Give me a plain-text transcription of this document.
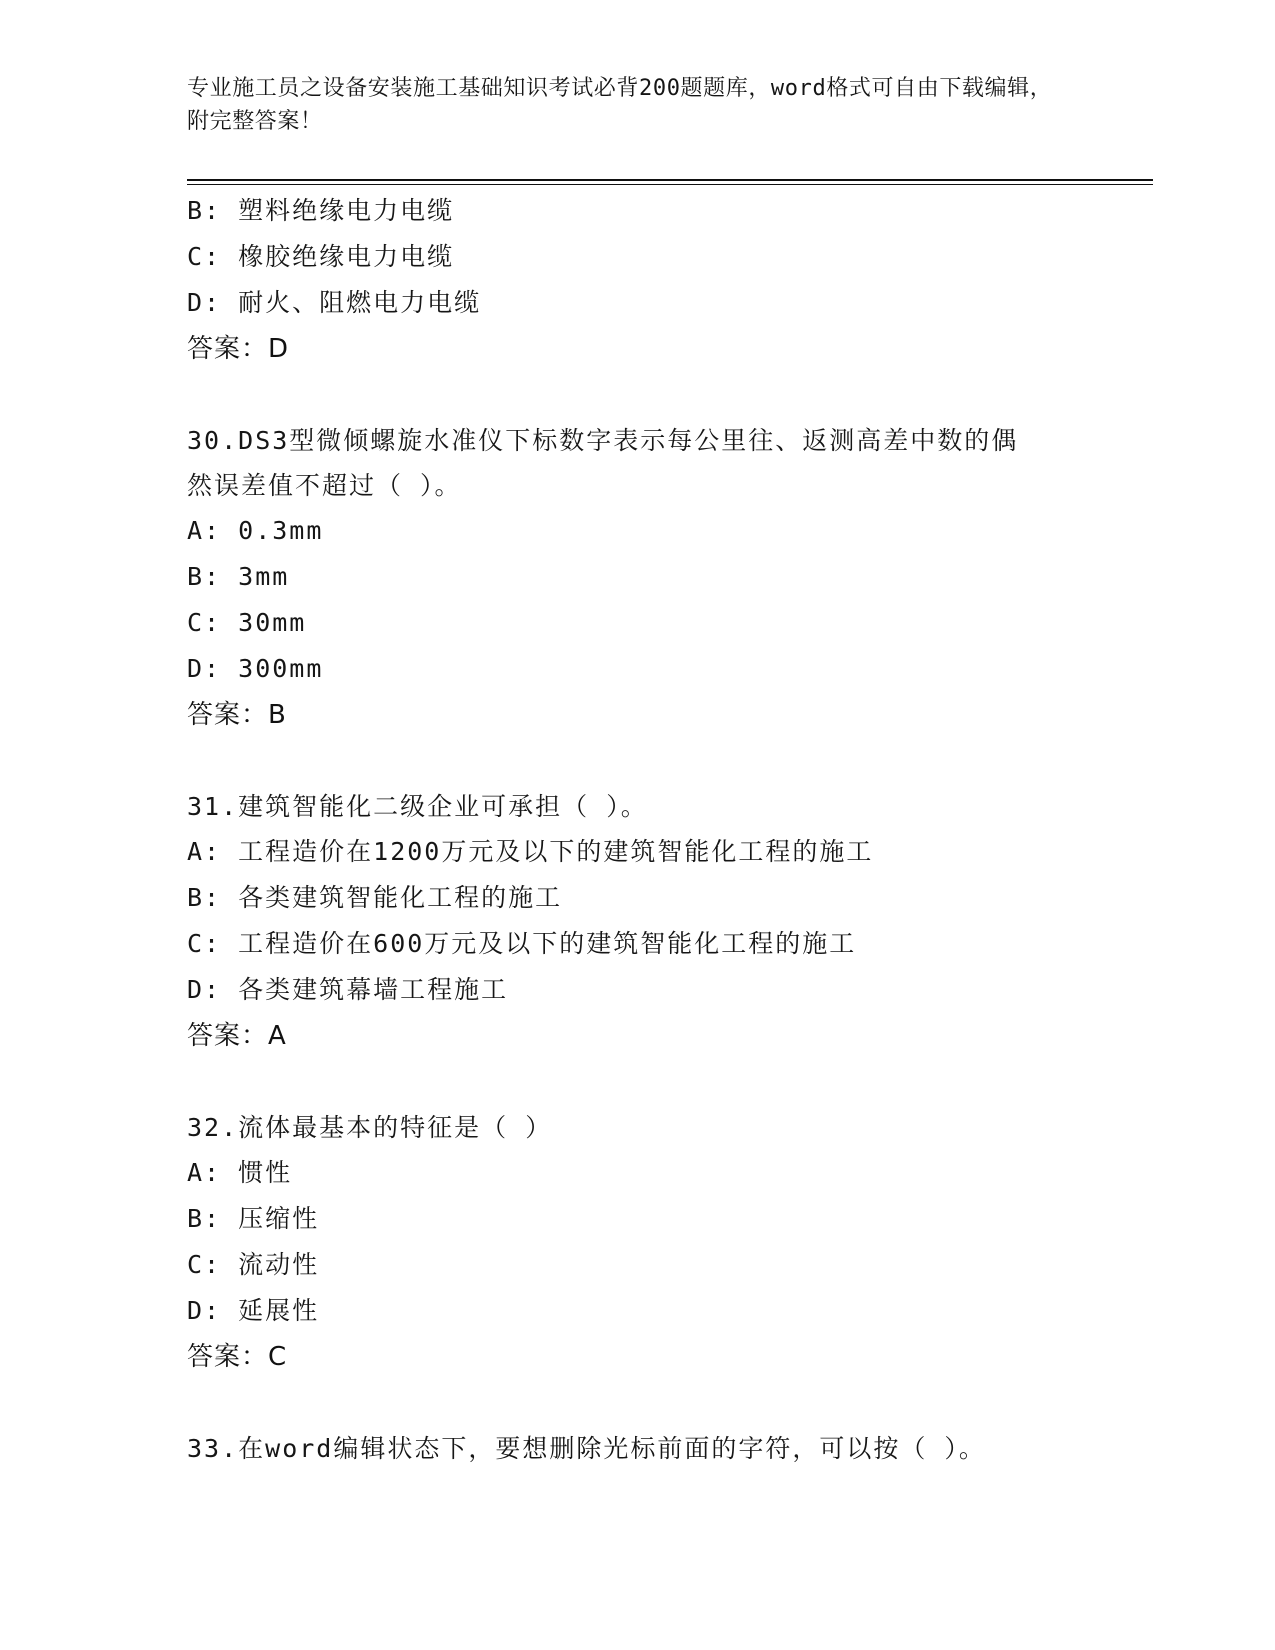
专业施工员之设备安装施工基础知识考试必背200题题库，word格式可自由下载编辑，附完整答案！
B: 塑料绝缘电力电缆
C: 橡胶绝缘电力电缆
D: 耐火、阻燃电力电缆
答案：D
30.DS3型微倾螺旋水准仪下标数字表示每公里往、返测高差中数的偶
然误差值不超过（ ）。
A: 0.3mm
B: 3mm
C: 30mm
D: 300mm
答案：B
31.建筑智能化二级企业可承担（ ）。
A: 工程造价在1200万元及以下的建筑智能化工程的施工
B: 各类建筑智能化工程的施工
C: 工程造价在600万元及以下的建筑智能化工程的施工
D: 各类建筑幕墙工程施工
答案：A
32.流体最基本的特征是（ ）
A: 惯性
B: 压缩性
C: 流动性
D: 延展性
答案：C
33.在word编辑状态下，要想删除光标前面的字符，可以按（ ）。
